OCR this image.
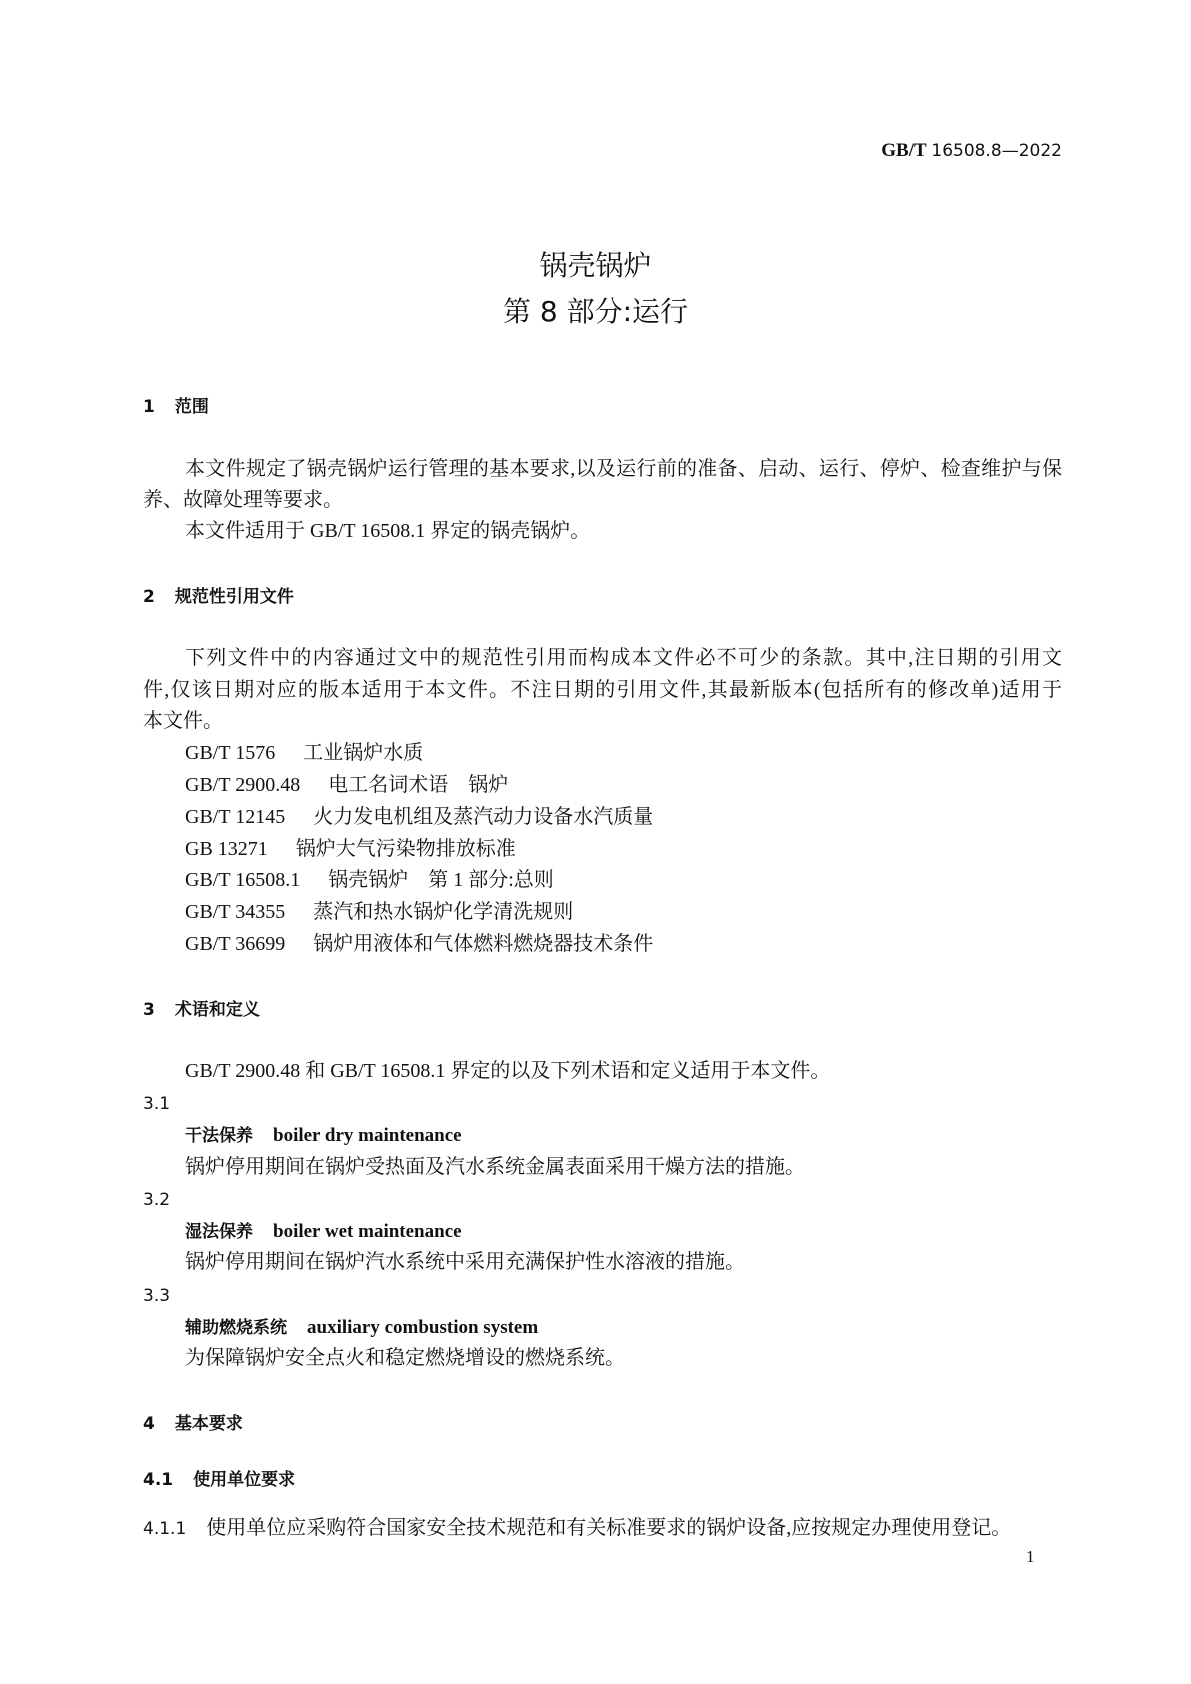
GB/T 16508.8—2022
锅壳锅炉
第 8 部分:运行
1 范围
本文件规定了锅壳锅炉运行管理的基本要求,以及运行前的准备、启动、运行、停炉、检查维护与保
养、故障处理等要求。
本文件适用于 GB/T 16508.1 界定的锅壳锅炉。
2 规范性引用文件
下列文件中的内容通过文中的规范性引用而构成本文件必不可少的条款。其中,注日期的引用文
件,仅该日期对应的版本适用于本文件。不注日期的引用文件,其最新版本(包括所有的修改单)适用于
本文件。
GB/T 1576 工业锅炉水质
GB/T 2900.48 电工名词术语　锅炉
GB/T 12145 火力发电机组及蒸汽动力设备水汽质量
GB 13271 锅炉大气污染物排放标准
GB/T 16508.1 锅壳锅炉　第 1 部分:总则
GB/T 34355 蒸汽和热水锅炉化学清洗规则
GB/T 36699 锅炉用液体和气体燃料燃烧器技术条件
3 术语和定义
GB/T 2900.48 和 GB/T 16508.1 界定的以及下列术语和定义适用于本文件。
3.1
干法保养 boiler dry maintenance
锅炉停用期间在锅炉受热面及汽水系统金属表面采用干燥方法的措施。
3.2
湿法保养 boiler wet maintenance
锅炉停用期间在锅炉汽水系统中采用充满保护性水溶液的措施。
3.3
辅助燃烧系统 auxiliary combustion system
为保障锅炉安全点火和稳定燃烧增设的燃烧系统。
4 基本要求
4.1 使用单位要求
4.1.1 使用单位应采购符合国家安全技术规范和有关标准要求的锅炉设备,应按规定办理使用登记。
1
